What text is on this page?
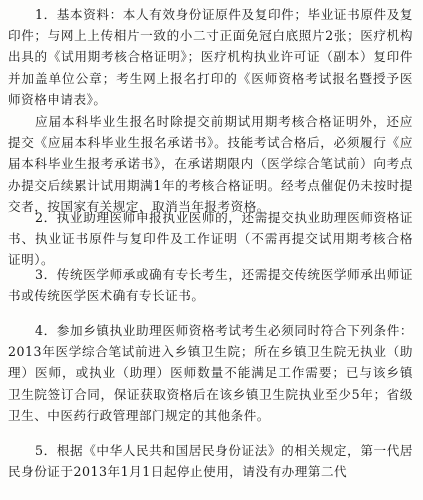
1．基本资料：本人有效身份证原件及复印件；毕业证书原件及复印件；与网上上传相片一致的小二寸正面免冠白底照片2张；医疗机构出具的《试用期考核合格证明》；医疗机构执业许可证（副本）复印件并加盖单位公章；考生网上报名打印的《医师资格考试报名暨授予医师资格申请表》。

应届本科毕业生报名时除提交前期试用期考核合格证明外，还应提交《应届本科毕业生报名承诺书》。技能考试合格后，必须履行《应届本科毕业生报考承诺书》，在承诺期限内（医学综合笔试前）向考点办提交后续累计试用期满1年的考核合格证明。经考点催促仍未按时提交者，按国家有关规定，取消当年报考资格。

2．执业助理医师申报执业医师的，还需提交执业助理医师资格证书、执业证书原件与复印件及工作证明（不需再提交试用期考核合格证明）。

3．传统医学师承或确有专长考生，还需提交传统医学师承出师证书或传统医学医术确有专长证书。

4．参加乡镇执业助理医师资格考试考生必须同时符合下列条件：2013年医学综合笔试前进入乡镇卫生院；所在乡镇卫生院无执业（助理）医师，或执业（助理）医师数量不能满足工作需要；已与该乡镇卫生院签订合同，保证获取资格后在该乡镇卫生院执业至少5年；省级卫生、中医药行政管理部门规定的其他条件。

5．根据《中华人民共和国居民身份证法》的相关规定，第一代居民身份证于2013年1月1日起停止使用，请没有办理第二代
